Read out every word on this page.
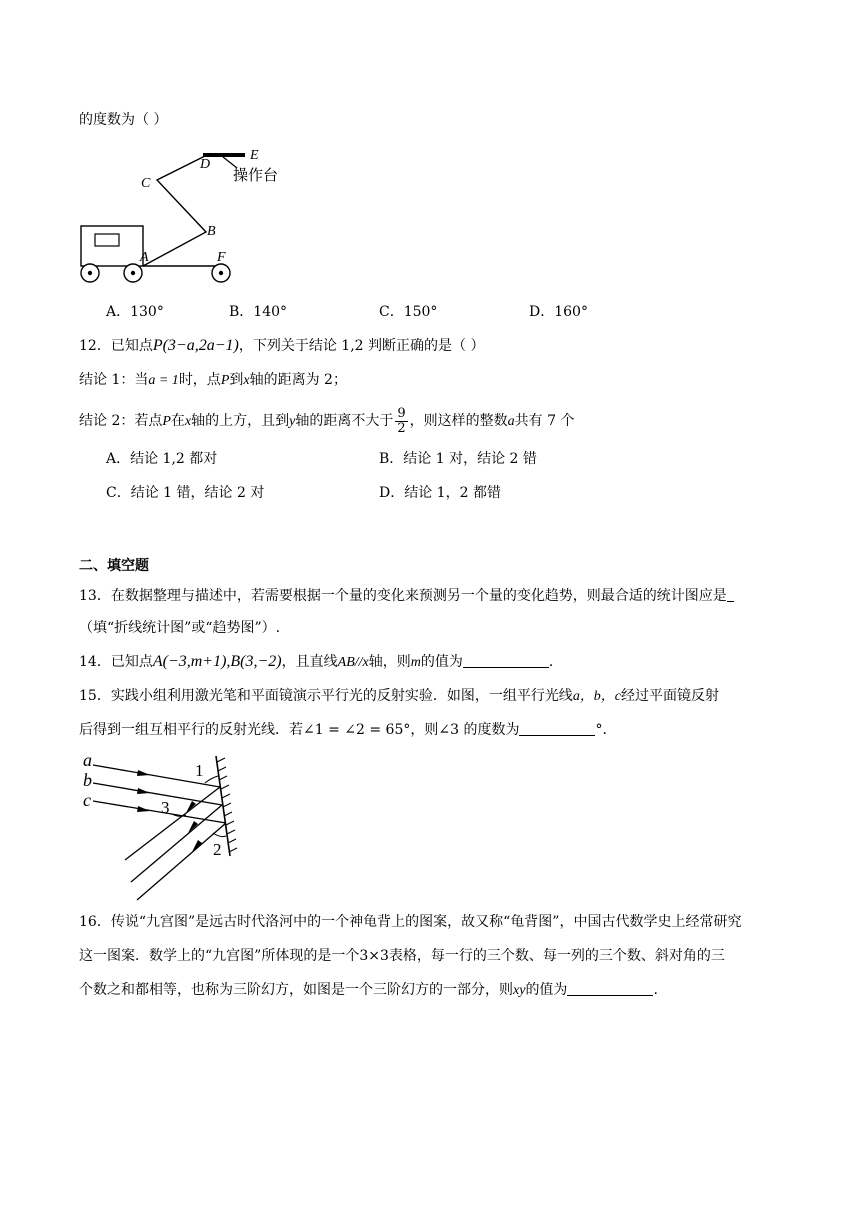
的度数为（ ）
C
D
E
操作台
B
A	F
A．130°	B．140°	C．150°	D．160°
12．已知点P(3−a,2a−1)，下列关于结论 1,2 判断正确的是（ ）
结论 1：当a = 1时，点P到x轴的距离为 2；
结论 2：若点P在x轴的上方，且到y轴的距离不大于 $\frac{9}{2}$ ，则这样的整数a共有 7 个
A．结论 1,2 都对	B．结论 1 对，结论 2 错
C．结论 1 错，结论 2 对	D．结论 1，2 都错
二、填空题
13．在数据整理与描述中，若需要根据一个量的变化来预测另一个量的变化趋势，则最合适的统计图应是
（填“折线统计图”或“趋势图”）.
14．已知点A(−3,m+1),B(3,−2)，且直线AB//x轴，则m的值为	.
15．实践小组利用激光笔和平面镜演示平行光的反射实验．如图，一组平行光线a，b，c经过平面镜反射
后得到一组互相平行的反射光线．若∠1 = ∠2 = 65°，则∠3 的度数为	°．
a
b
c
1
2
3
16．传说“九宫图”是远古时代洛河中的一个神龟背上的图案，故又称“龟背图”，中国古代数学史上经常研究
这一图案．数学上的“九宫图”所体现的是一个3×3表格，每一行的三个数、每一列的三个数、斜对角的三
个数之和都相等，也称为三阶幻方，如图是一个三阶幻方的一部分，则xy的值为	.
